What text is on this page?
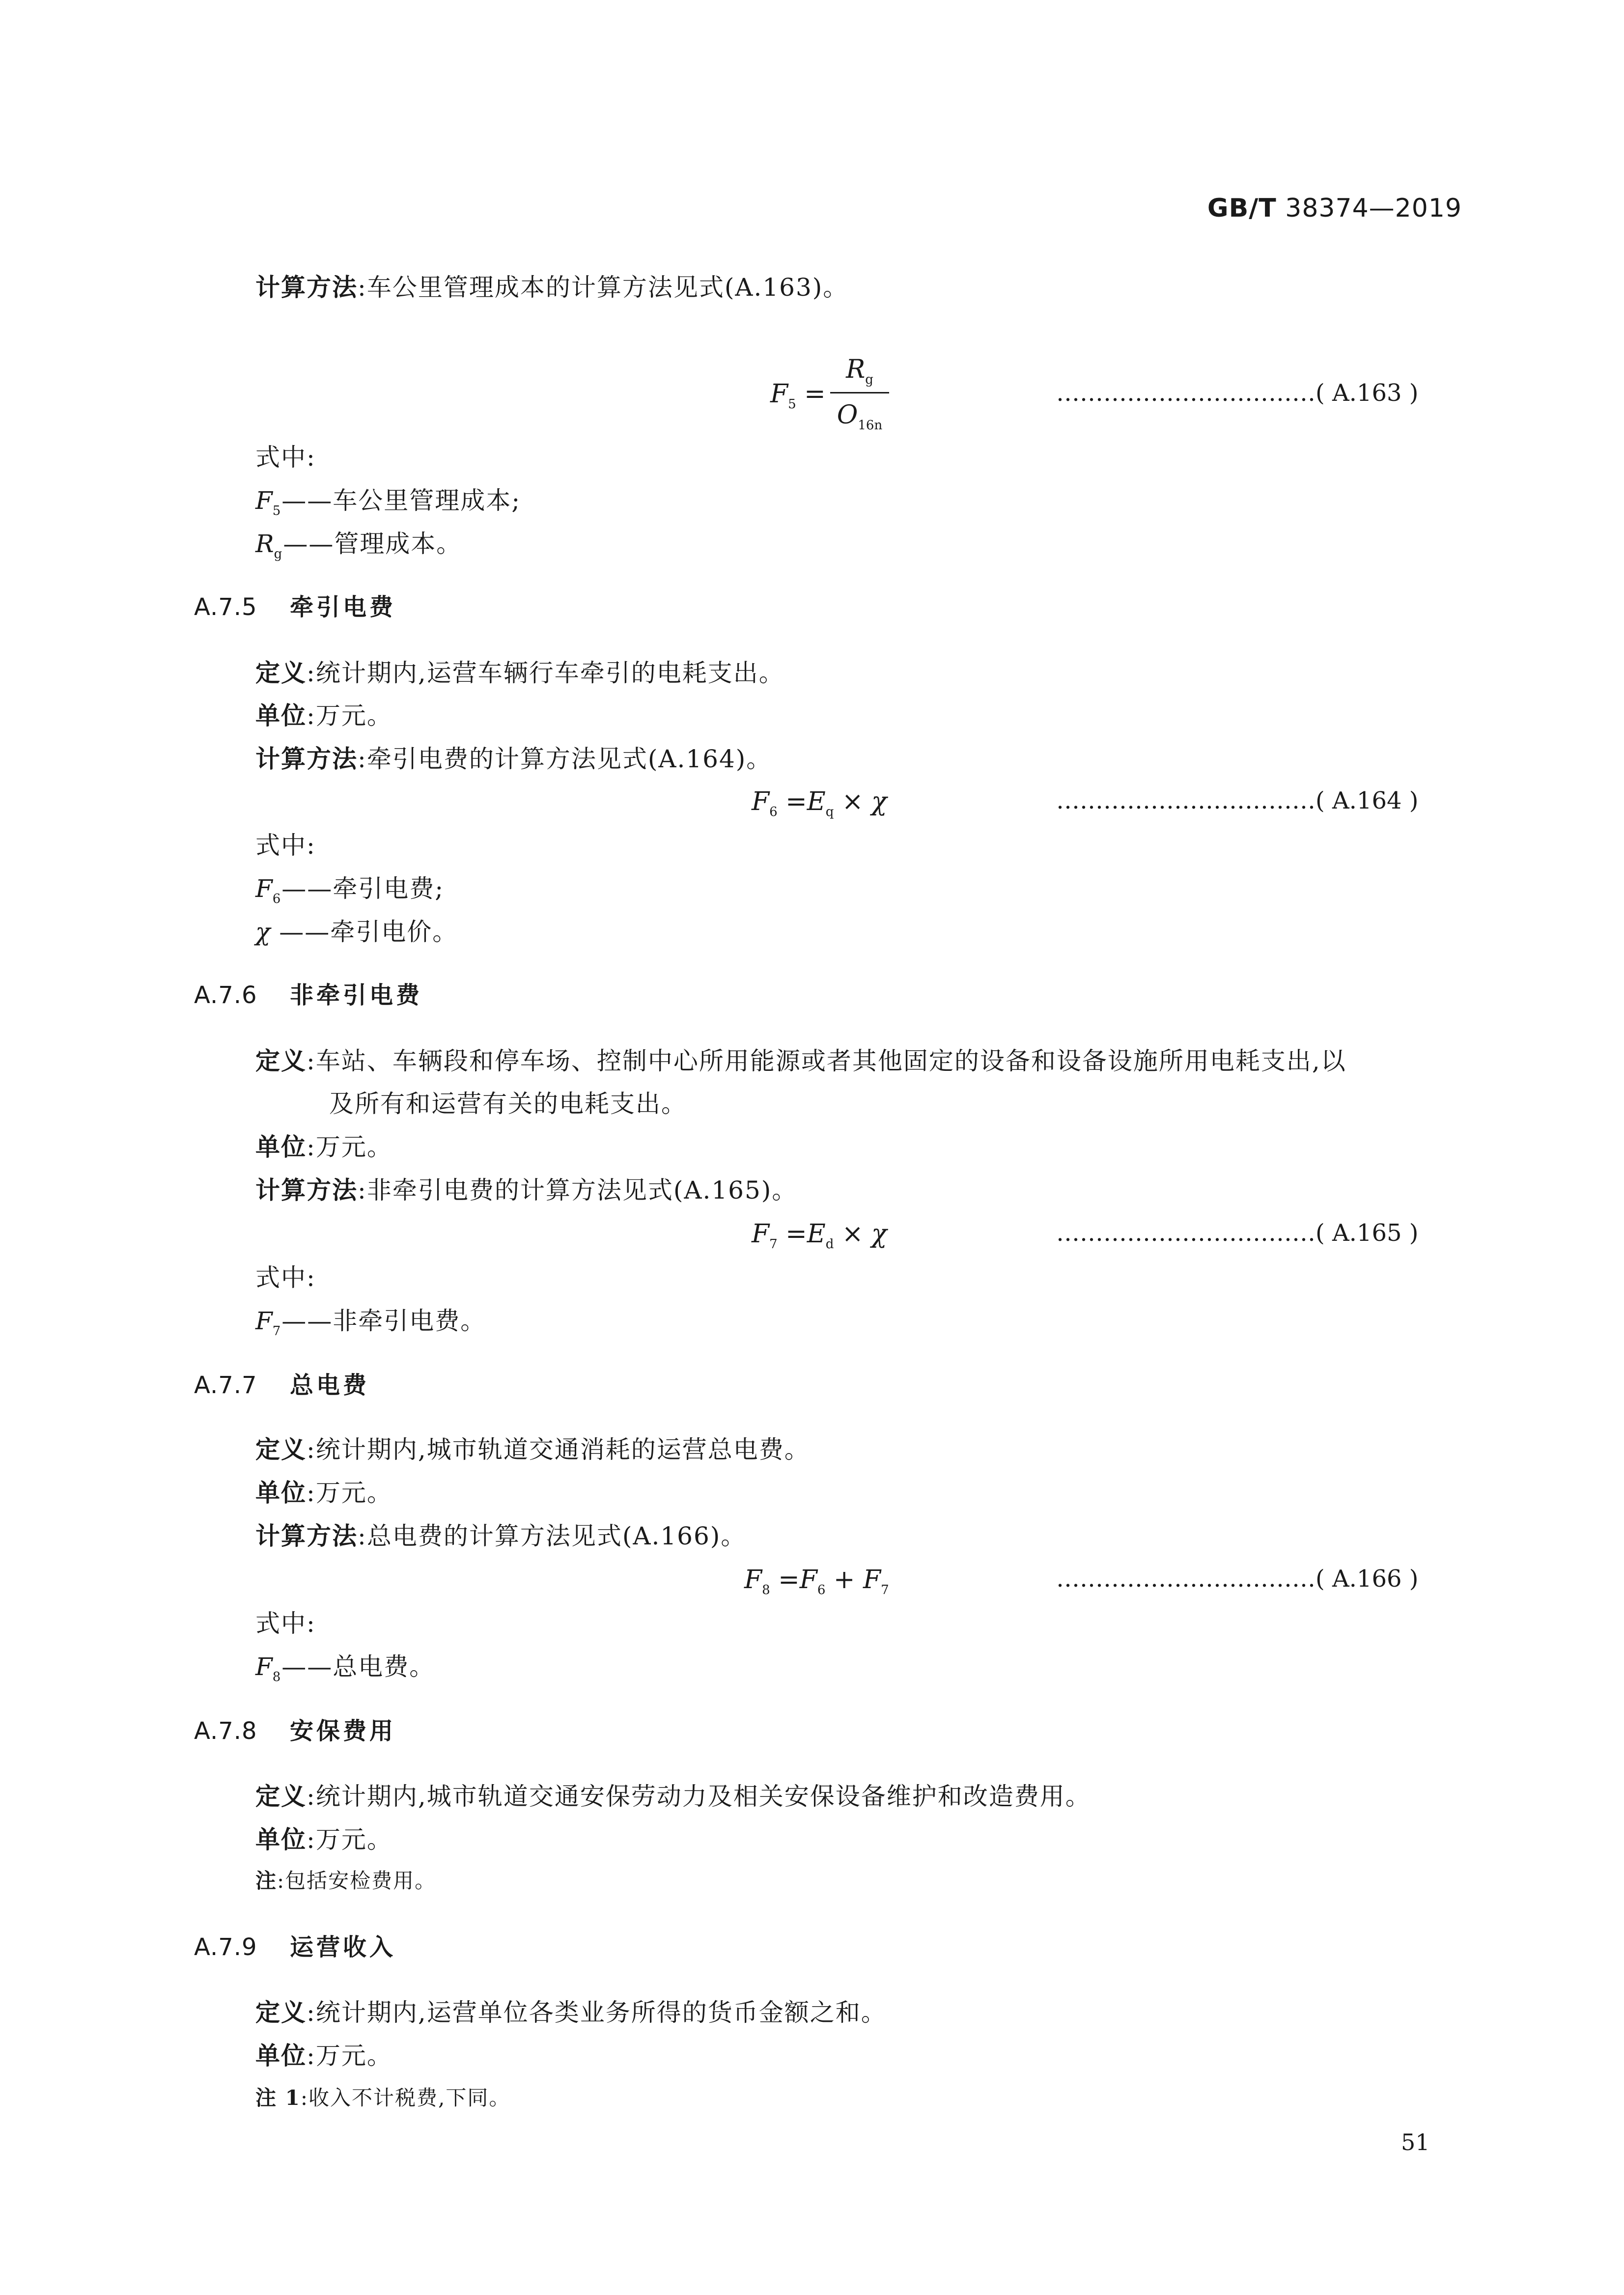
GB/T 38374—2019
计算方法:车公里管理成本的计算方法见式(A.163)。
$F_5$ =
$R_g$
$O_{16n}$
……………………………( A.163 )
式中:
$F_5——$车公里管理成本;
$R_g——$管理成本。
A.7.5 牵引电费
定义:统计期内,运营车辆行车牵引的电耗支出。
单位:万元。
计算方法:牵引电费的计算方法见式(A.164)。
$F_6 =E_q \times \chi$	……………………………( A.164 )
式中:
$F_6——$牵引电费;
χ ——牵引电价。
A.7.6 非牵引电费
定义:车站、车辆段和停车场、控制中心所用能源或者其他固定的设备和设备设施所用电耗支出,以
及所有和运营有关的电耗支出。
单位:万元。
计算方法:非牵引电费的计算方法见式(A.165)。
$F_7 =E_d \times \chi$	……………………………( A.165 )
式中:
$F_7——$非牵引电费。
A.7.7 总电费
定义:统计期内,城市轨道交通消耗的运营总电费。
单位:万元。
计算方法:总电费的计算方法见式(A.166)。
$F_8 =F_6 + F_7$	……………………………( A.166 )
式中:
$F_8——$总电费。
A.7.8 安保费用
定义:统计期内,城市轨道交通安保劳动力及相关安保设备维护和改造费用。
单位:万元。
注:包括安检费用。
A.7.9 运营收入
定义:统计期内,运营单位各类业务所得的货币金额之和。
单位:万元。
注 1:收入不计税费,下同。
51
